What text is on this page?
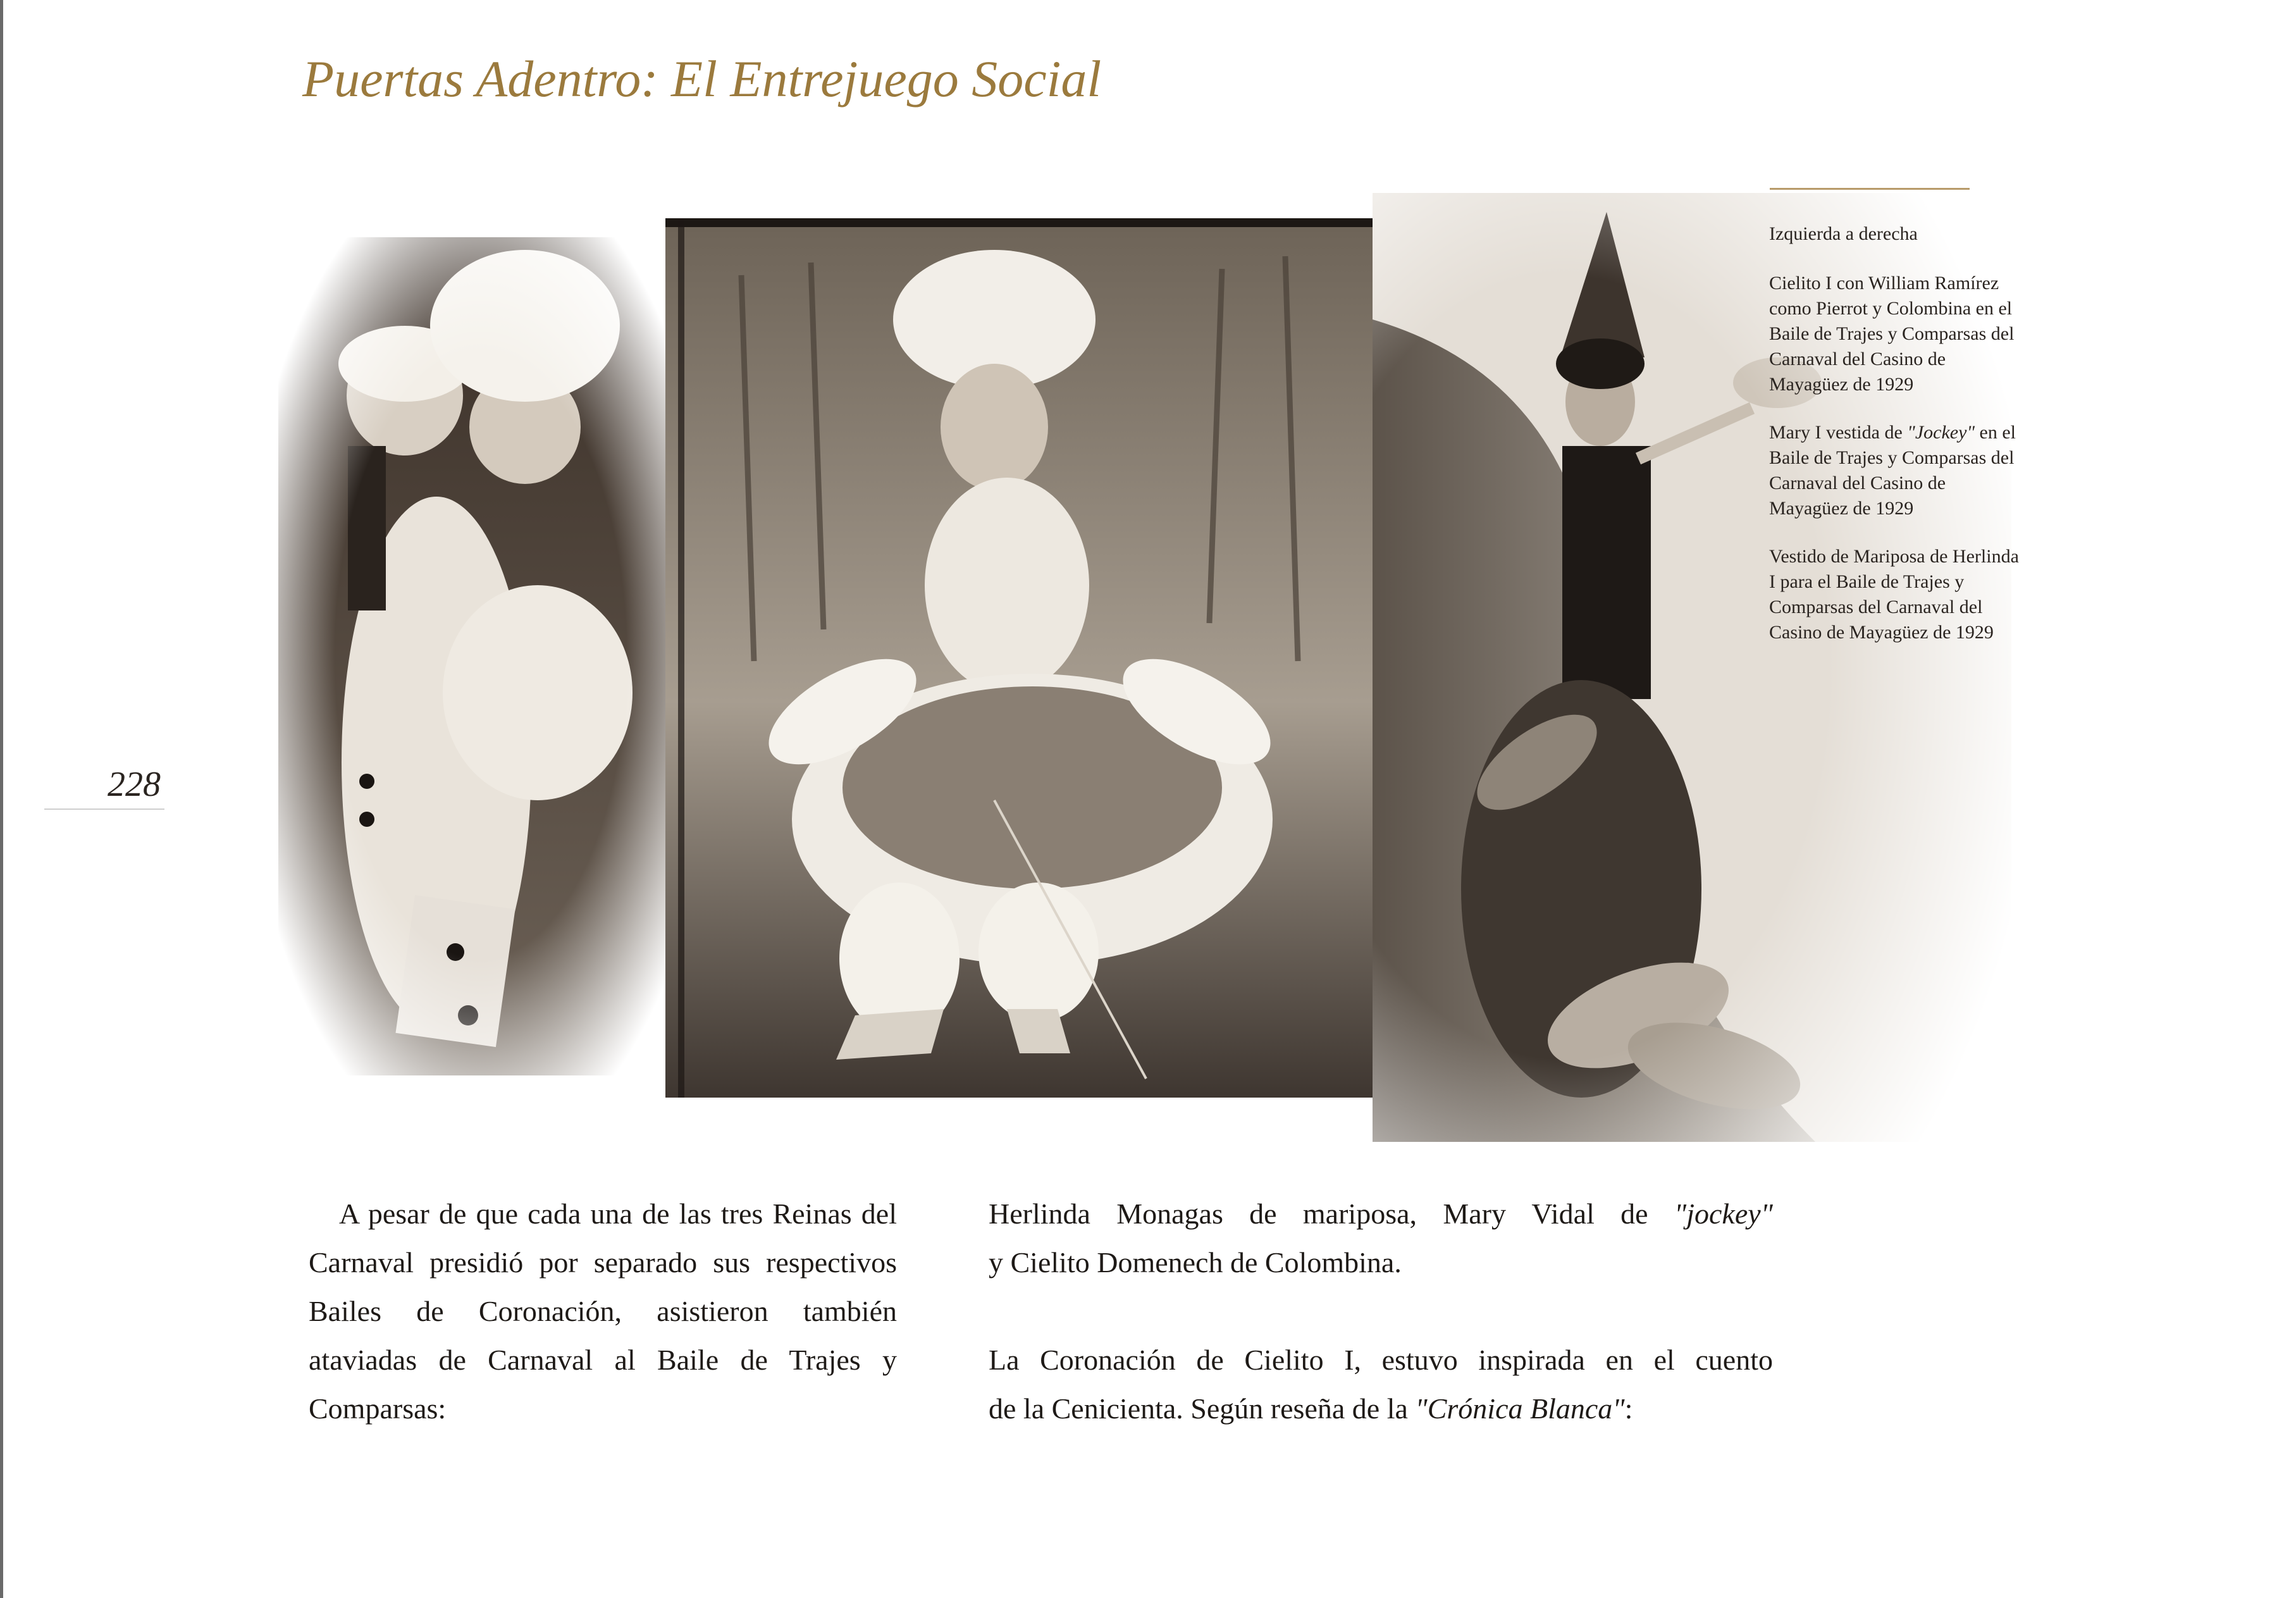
Puertas Adentro: El Entrejuego Social
228

Izquierda a derecha

Cielito I con William Ramírez como Pierrot y Colombina en el Baile de Trajes y Comparsas del Carnaval del Casino de Mayagüez de 1929

Mary I vestida de "Jockey" en el Baile de Trajes y Comparsas del Carnaval del Casino de Mayagüez de 1929

Vestido de Mariposa de Herlinda I para el Baile de Trajes y Comparsas del Carnaval del Casino de Mayagüez de 1929

A pesar de que cada una de las tres Reinas del Carnaval presidió por separado sus respectivos Bailes de Coronación, asistieron también ataviadas de Carnaval al Baile de Trajes y Comparsas:

Herlinda Monagas de mariposa, Mary Vidal de "jockey"
y Cielito Domenech de Colombina.

La Coronación de Cielito I, estuvo inspirada en el cuento
de la Cenicienta. Según reseña de la "Crónica Blanca":
